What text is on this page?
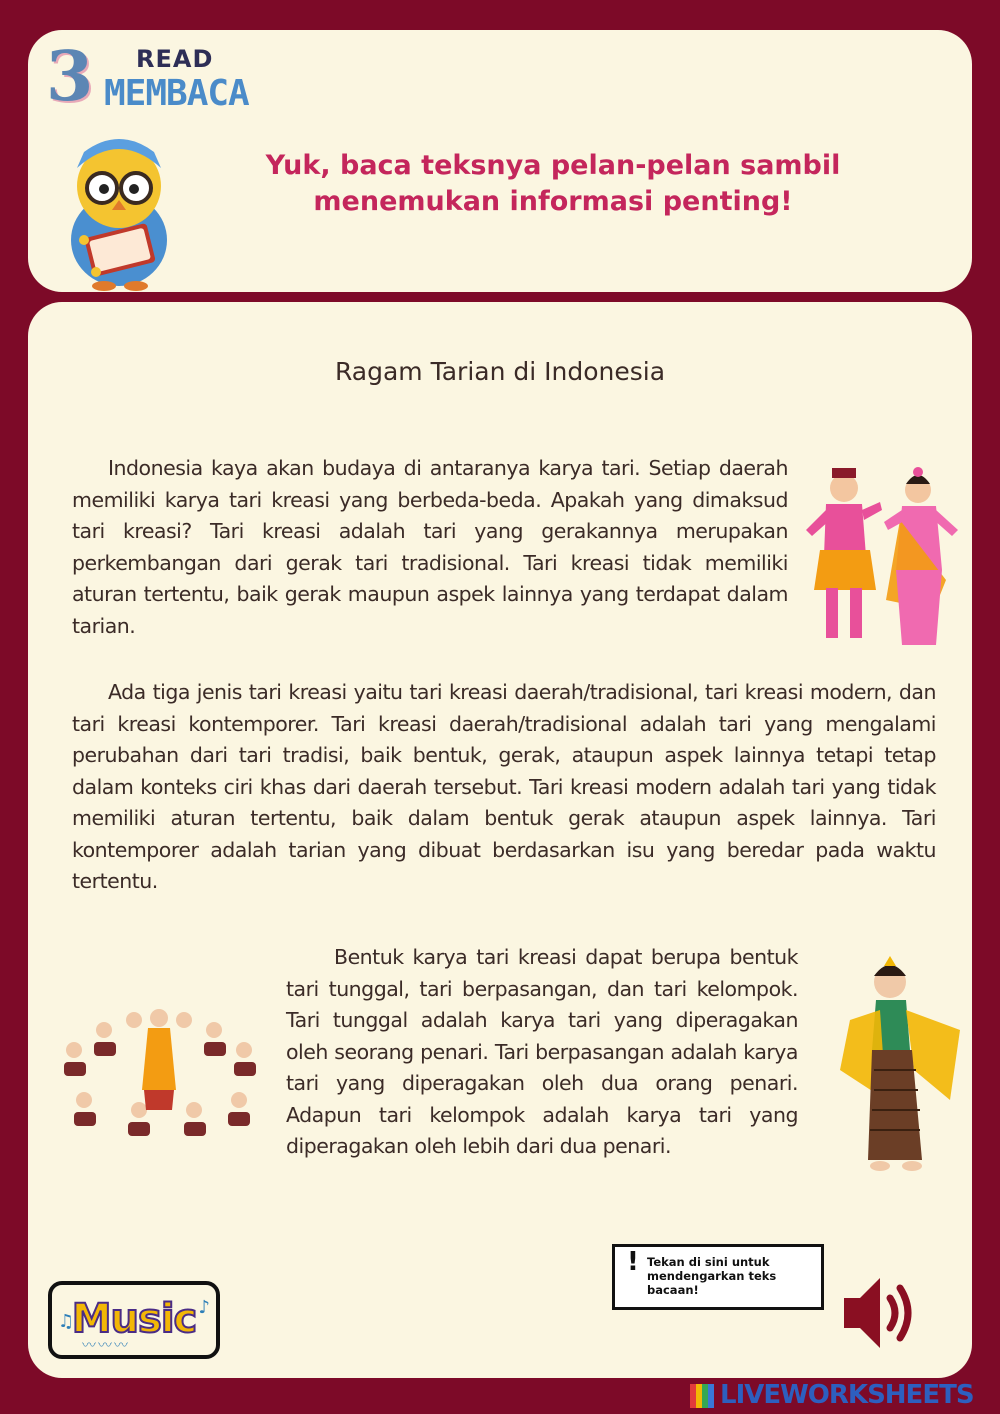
3 READ
MEMBACA
Yuk, baca teksnya pelan-pelan sambil
menemukan informasi penting!
Ragam Tarian di Indonesia

Indonesia kaya akan budaya di antaranya karya tari. Setiap daerah memiliki karya tari kreasi yang berbeda-beda. Apakah yang dimaksud tari kreasi? Tari kreasi adalah tari yang gerakannya merupakan perkembangan dari gerak tari tradisional. Tari kreasi tidak memiliki aturan tertentu, baik gerak maupun aspek lainnya yang terdapat dalam tarian.

Ada tiga jenis tari kreasi yaitu tari kreasi daerah/tradisional, tari kreasi modern, dan tari kreasi kontemporer. Tari kreasi daerah/tradisional adalah tari yang mengalami perubahan dari tari tradisi, baik bentuk, gerak, ataupun aspek lainnya tetapi tetap dalam konteks ciri khas dari daerah tersebut. Tari kreasi modern adalah tari yang tidak memiliki aturan tertentu, baik dalam bentuk gerak ataupun aspek lainnya. Tari kontemporer adalah tarian yang dibuat berdasarkan isu yang beredar pada waktu tertentu.

Bentuk karya tari kreasi dapat berupa bentuk tari tunggal, tari berpasangan, dan tari kelompok. Tari tunggal adalah karya tari yang diperagakan oleh seorang penari. Tari berpasangan adalah karya tari yang diperagakan oleh dua orang penari. Adapun tari kelompok adalah karya tari yang diperagakan oleh lebih dari dua penari.

! Tekan di sini untuk mendengarkan teks bacaan!
♫
Music ♪
〰〰〰
LIVEWORKSHEETS
